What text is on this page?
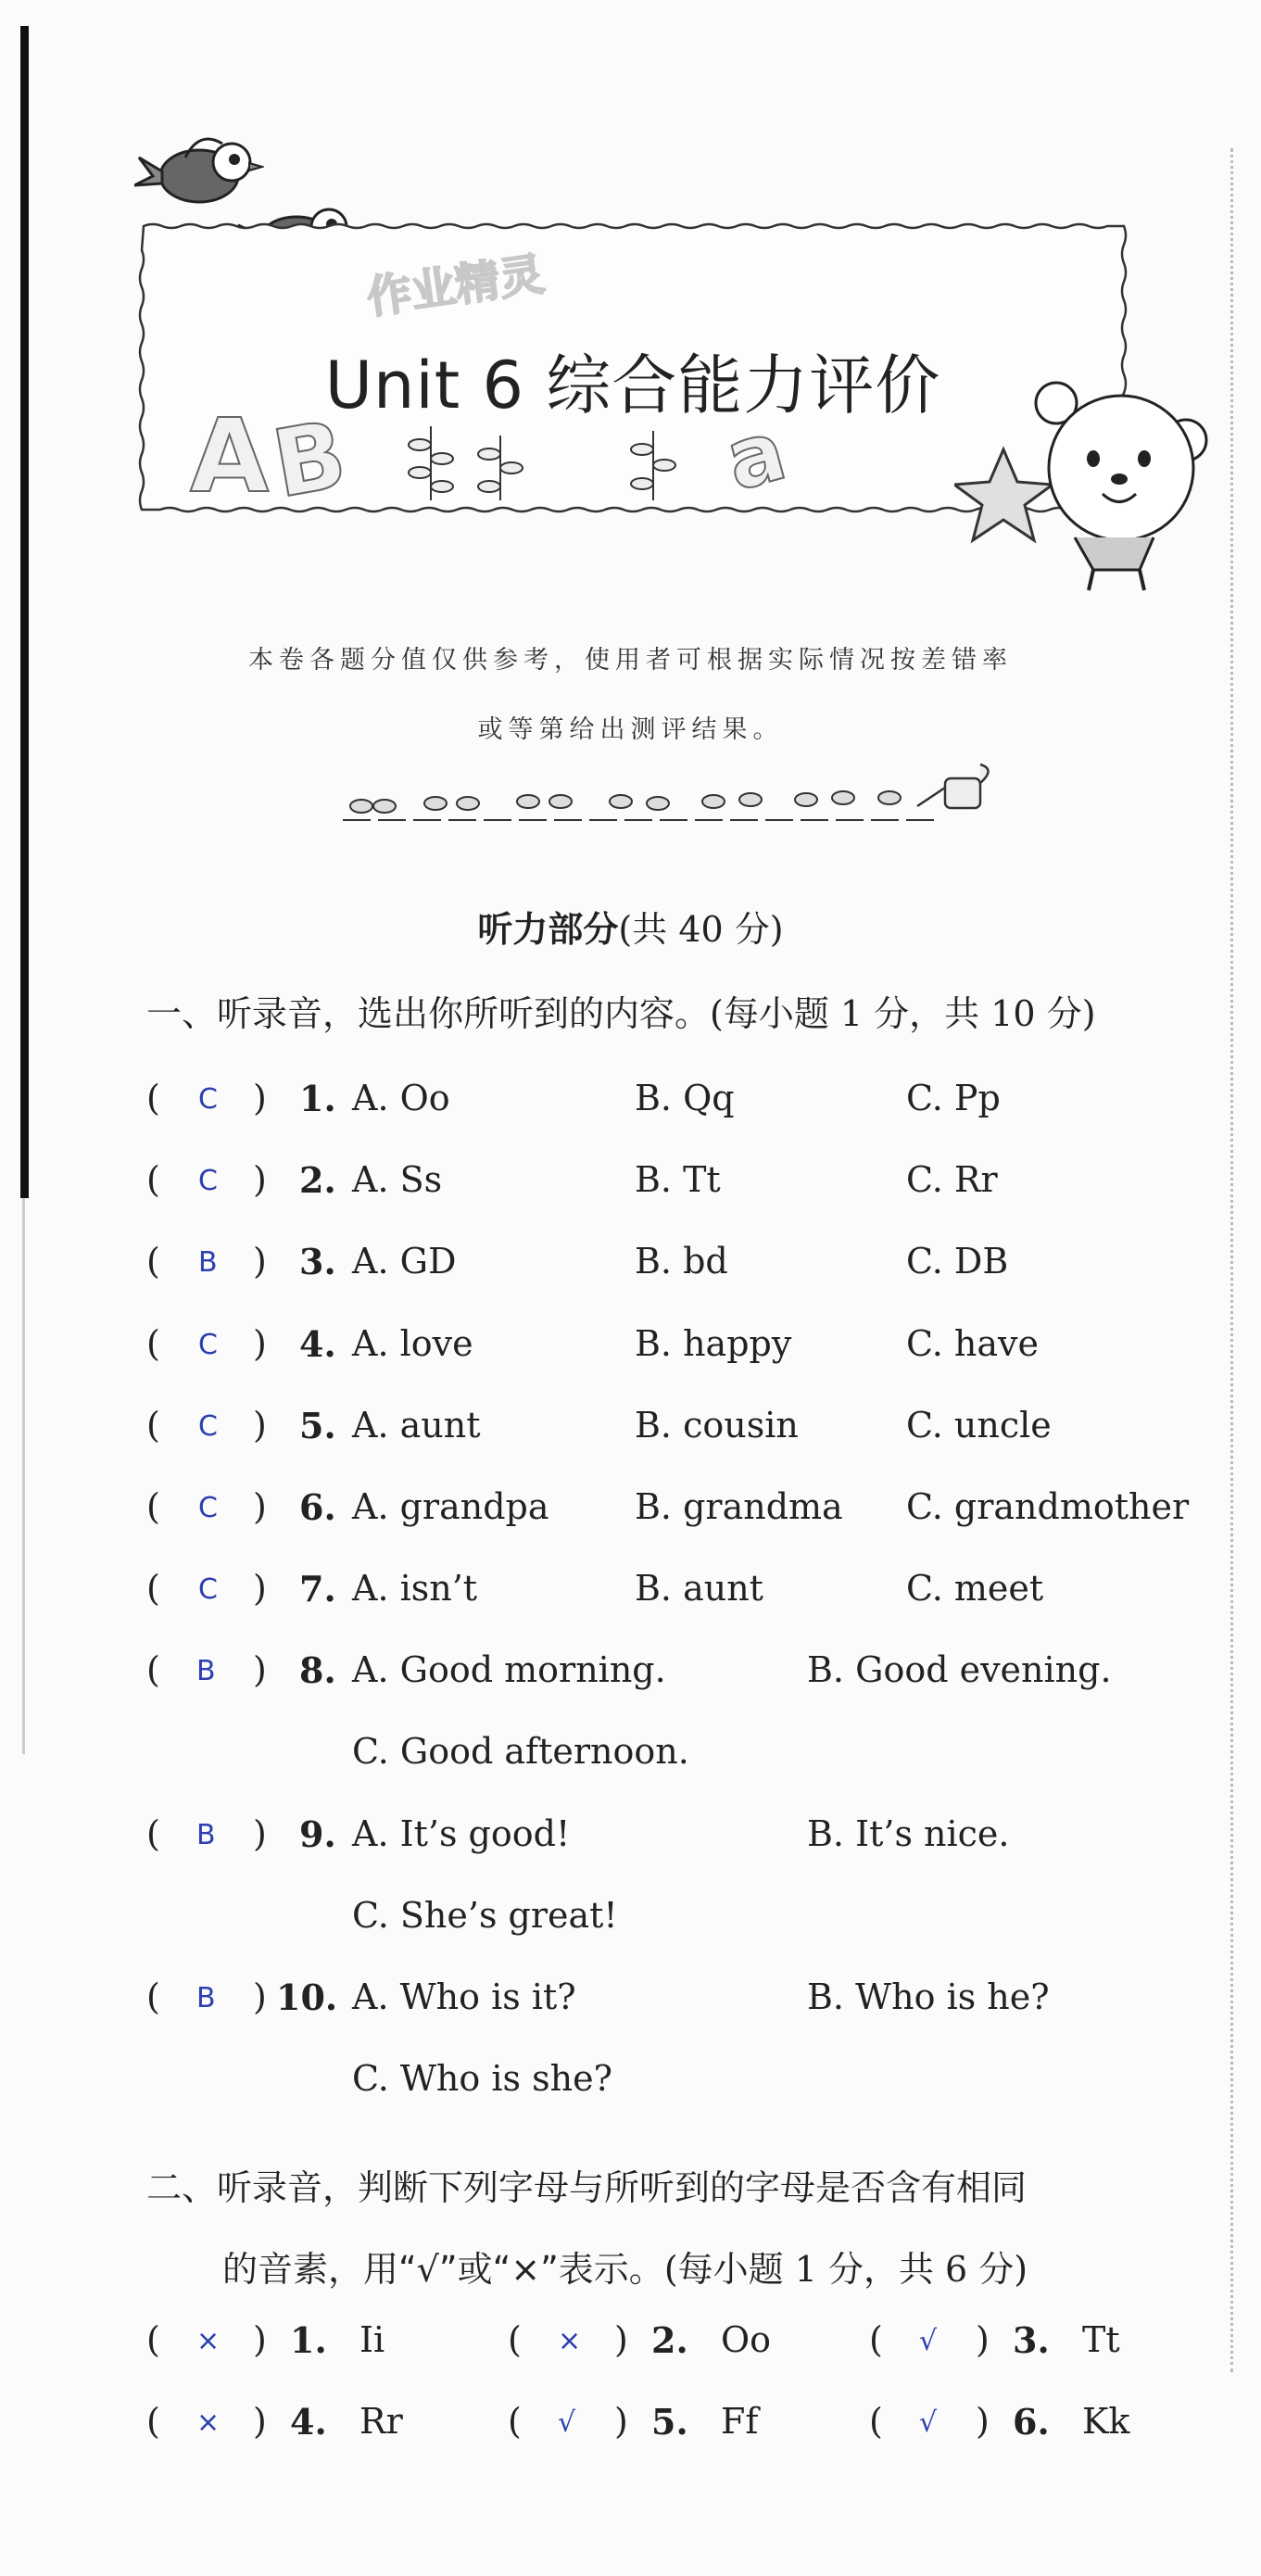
A
B	a
作业精灵
Unit 6 综合能力评价
本卷各题分值仅供参考，使用者可根据实际情况按差错率
或等第给出测评结果。
听力部分(共 40 分)
一、听录音，选出你所听到的内容。(每小题 1 分，共 10 分)
( C ) 1. A. Oo	B. Qq	C. Pp
( C ) 2. A. Ss	B. Tt	C. Rr
( B ) 3. A. GD	B. bd	C. DB
( C ) 4. A. love	B. happy	C. have
( C ) 5. A. aunt	B. cousin	C. uncle
( C ) 6. A. grandpa B. grandma C. grandmother
( C ) 7. A. isn’t	B. aunt	C. meet
( B ) 8. A. Good morning.	B. Good evening.
C. Good afternoon.
( B ) 9. A. It’s good!	B. It’s nice.
C. She’s great!
( B ) 10. A. Who is it?	B. Who is he?
C. Who is she?
二、听录音，判断下列字母与所听到的字母是否含有相同
的音素，用“√”或“×”表示。(每小题 1 分，共 6 分)
( × ) 1. Ii	( × ) 2. Oo	( √ ) 3. Tt
( × ) 4. Rr	( √ ) 5. Ff	( √ ) 6. Kk
